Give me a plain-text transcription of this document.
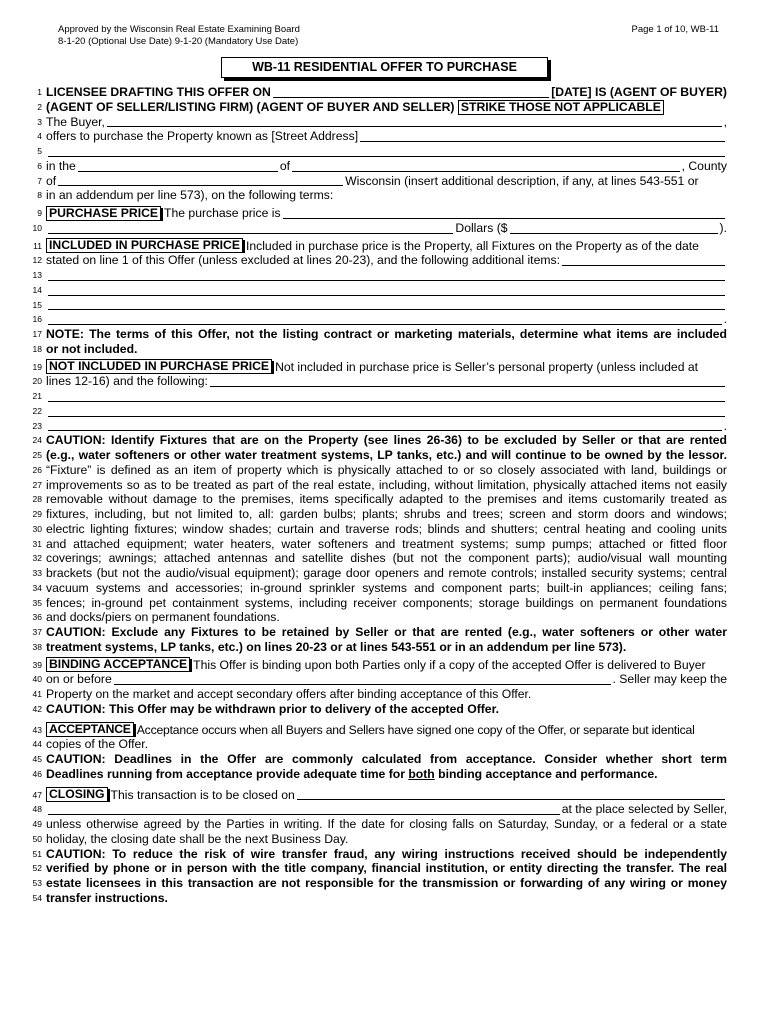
Approved by the Wisconsin Real Estate Examining Board
8-1-20 (Optional Use Date) 9-1-20 (Mandatory Use Date)
Page 1 of 10, WB-11
WB-11 RESIDENTIAL OFFER TO PURCHASE
1 LICENSEE DRAFTING THIS OFFER ON	[DATE] IS (AGENT OF BUYER)
2 (AGENT OF SELLER/LISTING FIRM) (AGENT OF BUYER AND SELLER)
STRIKE THOSE NOT APPLICABLE
3 The Buyer,	,
4 offers to purchase the Property known as [Street Address]
5
6 in the	of	, County
7 of	Wisconsin (insert additional description, if any, at lines 543-551 or
8 in an addendum per line 573), on the following terms:
9 PURCHASE PRICE The purchase price is
10	Dollars ($	).
11 INCLUDED IN PURCHASE PRICE Included in purchase price is the Property, all Fixtures on the Property as of the date
12 stated on line 1 of this Offer (unless excluded at lines 20-23), and the following additional items:
13
14
15
16	.
17 NOTE: The terms of this Offer, not the listing contract or marketing materials, determine what items are included
18 or not included.
19 NOT INCLUDED IN PURCHASE PRICE Not included in purchase price is Seller’s personal property (unless included at
20 lines 12-16) and the following:
21
22
23	.
24 CAUTION: Identify Fixtures that are on the Property (see lines 26-36) to be excluded by Seller or that are rented
25 (e.g., water softeners or other water treatment systems, LP tanks, etc.) and will continue to be owned by the lessor.
26 “Fixture” is defined as an item of property which is physically attached to or so closely associated with land, buildings or
27 improvements so as to be treated as part of the real estate, including, without limitation, physically attached items not easily
28 removable without damage to the premises, items specifically adapted to the premises and items customarily treated as
29 fixtures, including, but not limited to, all: garden bulbs; plants; shrubs and trees; screen and storm doors and windows;
30 electric lighting fixtures; window shades; curtain and traverse rods; blinds and shutters; central heating and cooling units
31 and attached equipment; water heaters, water softeners and treatment systems; sump pumps; attached or fitted floor
32 coverings; awnings; attached antennas and satellite dishes (but not the component parts); audio/visual wall mounting
33 brackets (but not the audio/visual equipment); garage door openers and remote controls; installed security systems; central
34 vacuum systems and accessories; in-ground sprinkler systems and component parts; built-in appliances; ceiling fans;
35 fences; in-ground pet containment systems, including receiver components; storage buildings on permanent foundations
36 and docks/piers on permanent foundations.
37 CAUTION: Exclude any Fixtures to be retained by Seller or that are rented (e.g., water softeners or other water
38 treatment systems, LP tanks, etc.) on lines 20-23 or at lines 543-551 or in an addendum per line 573).
39 BINDING ACCEPTANCE This Offer is binding upon both Parties only if a copy of the accepted Offer is delivered to Buyer
40 on or before	. Seller may keep the
41 Property on the market and accept secondary offers after binding acceptance of this Offer.
42 CAUTION: This Offer may be withdrawn prior to delivery of the accepted Offer.
43 ACCEPTANCE Acceptance occurs when all Buyers and Sellers have signed one copy of the Offer, or separate but identical
44 copies of the Offer.
45 CAUTION: Deadlines in the Offer are commonly calculated from acceptance. Consider whether short term
46 Deadlines running from acceptance provide adequate time for
both
binding acceptance and performance.
47 CLOSING This transaction is to be closed on
48	at the place selected by Seller,
49 unless otherwise agreed by the Parties in writing. If the date for closing falls on Saturday, Sunday, or a federal or a state
50 holiday, the closing date shall be the next Business Day.
51 CAUTION: To reduce the risk of wire transfer fraud, any wiring instructions received should be independently
52 verified by phone or in person with the title company, financial institution, or entity directing the transfer. The real
53 estate licensees in this transaction are not responsible for the transmission or forwarding of any wiring or money
54 transfer instructions.
